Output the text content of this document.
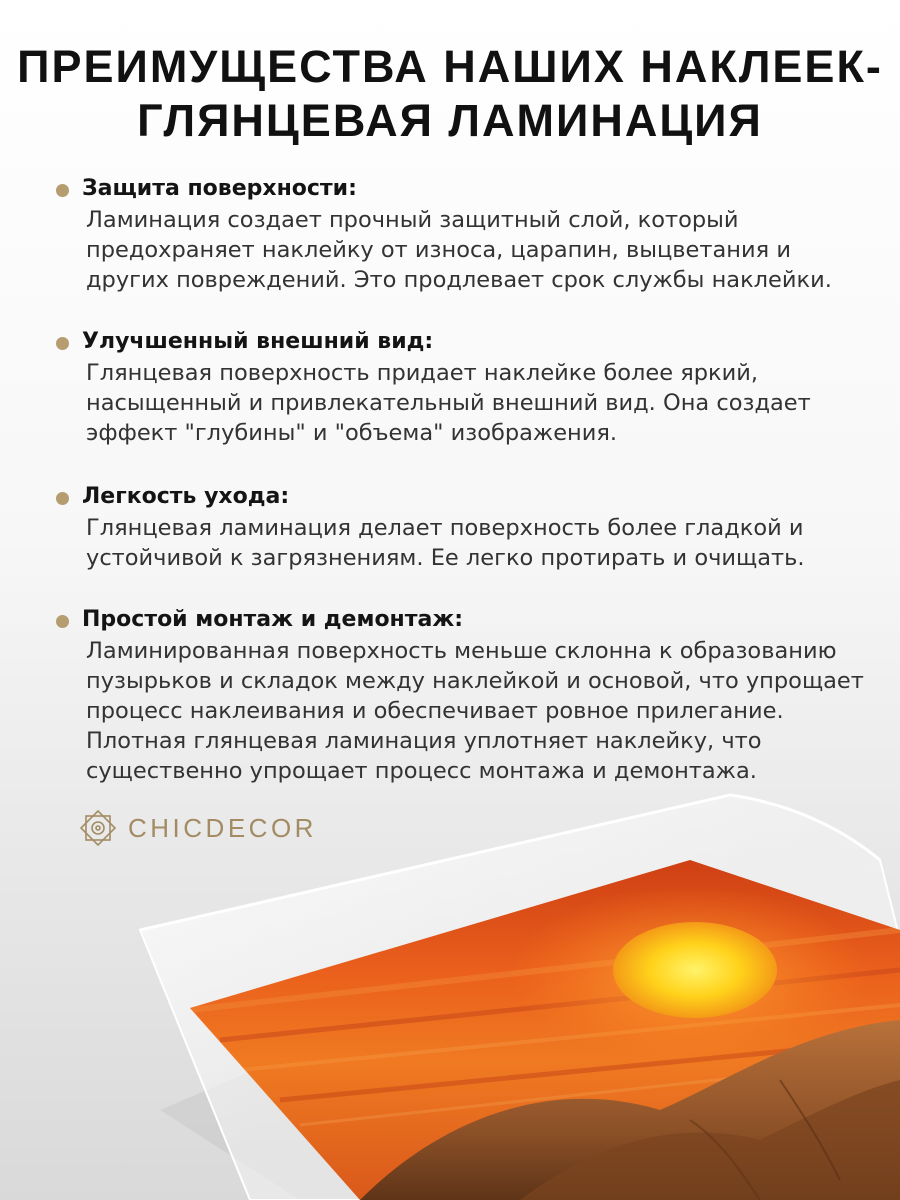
ПРЕИМУЩЕСТВА НАШИХ НАКЛЕЕК-
ГЛЯНЦЕВАЯ ЛАМИНАЦИЯ
Защита поверхности:
Ламинация создает прочный защитный слой, который
предохраняет наклейку от износа, царапин, выцветания и
других повреждений. Это продлевает срок службы наклейки.
Улучшенный внешний вид:
Глянцевая поверхность придает наклейке более яркий,
насыщенный и привлекательный внешний вид. Она создает
эффект "глубины" и "объема" изображения.
Легкость ухода:
Глянцевая ламинация делает поверхность более гладкой и
устойчивой к загрязнениям. Ее легко протирать и очищать.
Простой монтаж и демонтаж:
Ламинированная поверхность меньше склонна к образованию
пузырьков и складок между наклейкой и основой, что упрощает
процесс наклеивания и обеспечивает ровное прилегание.
Плотная глянцевая ламинация уплотняет наклейку, что
существенно упрощает процесс монтажа и демонтажа.
CHICDECOR
